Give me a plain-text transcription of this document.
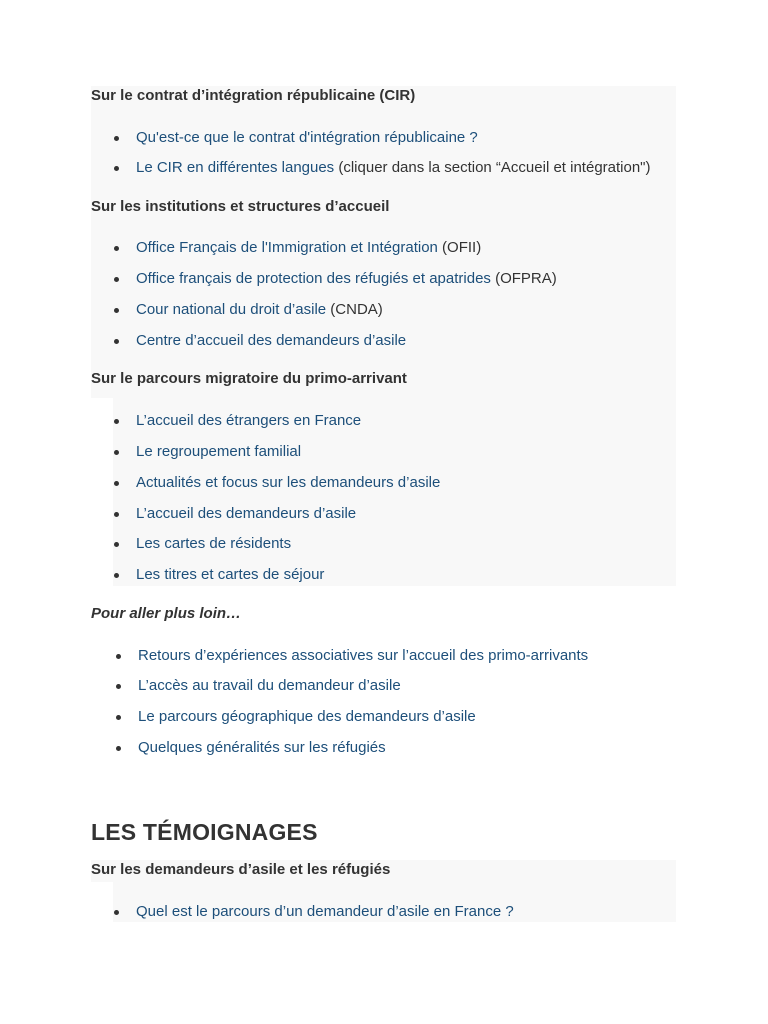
Sur le contrat d’intégration républicaine (CIR)
Qu'est-ce que le contrat d'intégration républicaine ?
Le CIR en différentes langues (cliquer dans la section “Accueil et intégration")
Sur les institutions et structures d’accueil
Office Français de l'Immigration et Intégration (OFII)
Office français de protection des réfugiés et apatrides (OFPRA)
Cour national du droit d’asile (CNDA)
Centre d’accueil des demandeurs d’asile
Sur le parcours migratoire du primo-arrivant
L’accueil des étrangers en France
Le regroupement familial
Actualités et focus sur les demandeurs d’asile
L’accueil des demandeurs d’asile
Les cartes de résidents
Les titres et cartes de séjour
Pour aller plus loin…
Retours d’expériences associatives sur l’accueil des primo-arrivants
L’accès au travail du demandeur d’asile
Le parcours géographique des demandeurs d’asile
Quelques généralités sur les réfugiés
LES TÉMOIGNAGES
Sur les demandeurs d’asile et les réfugiés
Quel est le parcours d’un demandeur d’asile en France ?
